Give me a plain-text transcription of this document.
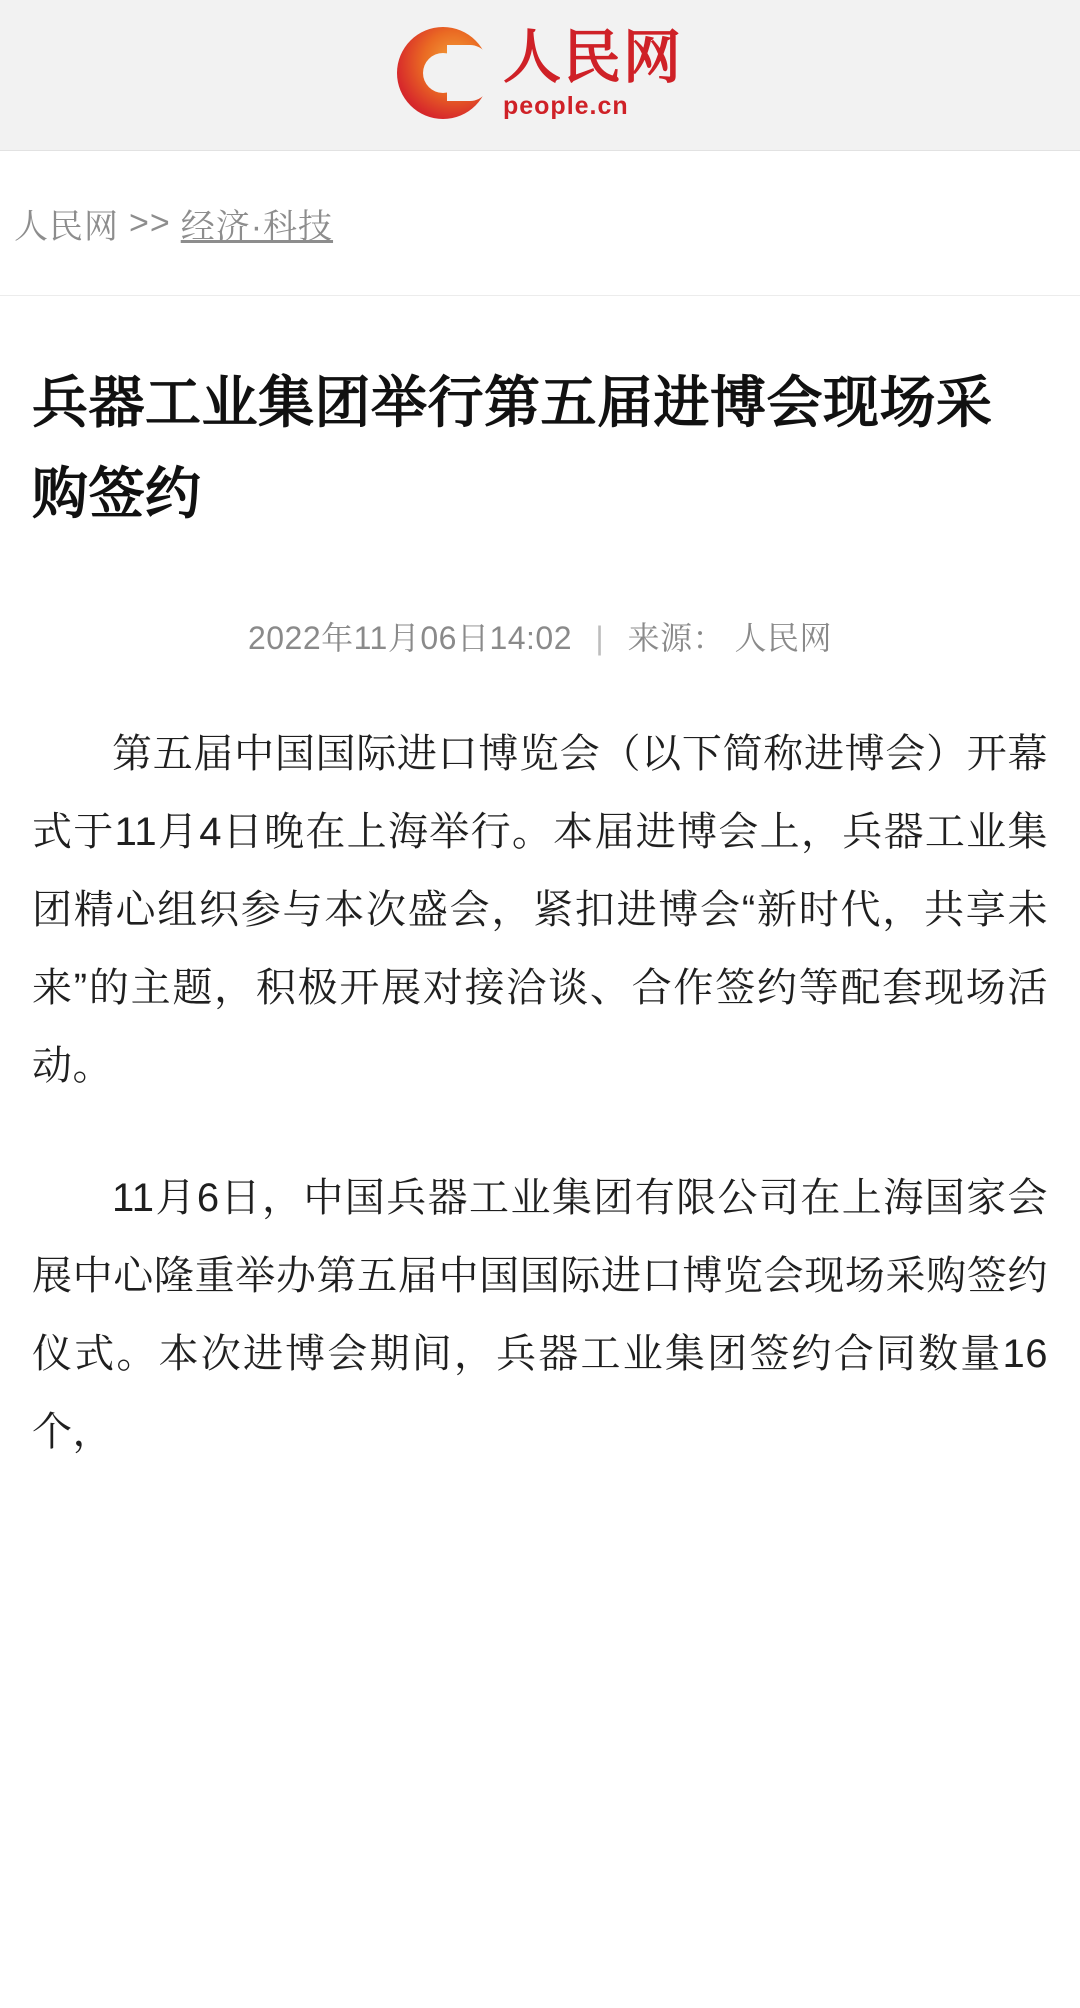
人民网
people.cn
人民网 >> 经济·科技
兵器工业集团举行第五届进博会现场采购签约
2022年11月06日14:02 | 来源： 人民网

第五届中国国际进口博览会（以下简称进博会）开幕式于11月4日晚在上海举行。本届进博会上，兵器工业集团精心组织参与本次盛会，紧扣进博会“新时代，共享未来”的主题，积极开展对接洽谈、合作签约等配套现场活动。

11月6日，中国兵器工业集团有限公司在上海国家会展中心隆重举办第五届中国国际进口博览会现场采购签约仪式。本次进博会期间，兵器工业集团签约合同数量16个，
